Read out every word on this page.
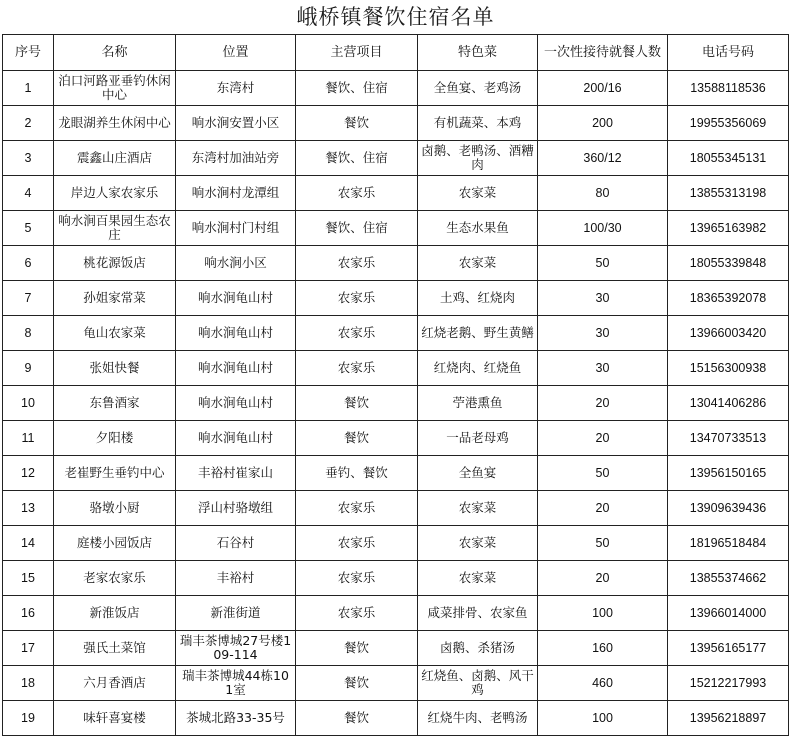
峨桥镇餐饮住宿名单
序号	名称	位置	主营项目	特色菜	一次性接待就餐人数	电话号码
1	泊口河路亚垂钓休闲中心	东湾村	餐饮、住宿	全鱼宴、老鸡汤	200/16	13588118536
2	龙眼湖养生休闲中心	响水涧安置小区	餐饮	有机蔬菜、本鸡	200	19955356069
3	震鑫山庄酒店	东湾村加油站旁	餐饮、住宿	卤鹅、老鸭汤、酒糟肉	360/12	18055345131
4	岸边人家农家乐	响水涧村龙潭组	农家乐	农家菜	80	13855313198
5	响水涧百果园生态农庄	响水涧村门村组	餐饮、住宿	生态水果鱼	100/30	13965163982
6	桃花源饭店	响水涧小区	农家乐	农家菜	50	18055339848
7	孙姐家常菜	响水涧龟山村	农家乐	土鸡、红烧肉	30	18365392078
8	龟山农家菜	响水涧龟山村	农家乐	红烧老鹅、野生黄鳝	30	13966003420
9	张姐快餐	响水涧龟山村	农家乐	红烧肉、红烧鱼	30	15156300938
10	东鲁酒家	响水涧龟山村	餐饮	苧港熏鱼	20	13041406286
11	夕阳楼	响水涧龟山村	餐饮	一品老母鸡	20	13470733513
12	老崔野生垂钓中心	丰裕村崔家山	垂钓、餐饮	全鱼宴	50	13956150165
13	骆墩小厨	浮山村骆墩组	农家乐	农家菜	20	13909639436
14	庭楼小园饭店	石谷村	农家乐	农家菜	50	18196518484
15	老家农家乐	丰裕村	农家乐	农家菜	20	13855374662
16	新淮饭店	新淮街道	农家乐	咸菜排骨、农家鱼	100	13966014000
17	强氏土菜馆	瑞丰茶博城27号楼109-114	餐饮	卤鹅、杀猪汤	160	13956165177
18	六月香酒店	瑞丰茶博城44栋101室	餐饮	红烧鱼、卤鹅、风干鸡	460	15212217993
19	味轩喜宴楼	茶城北路33-35号	餐饮	红烧牛肉、老鸭汤	100	13956218897
